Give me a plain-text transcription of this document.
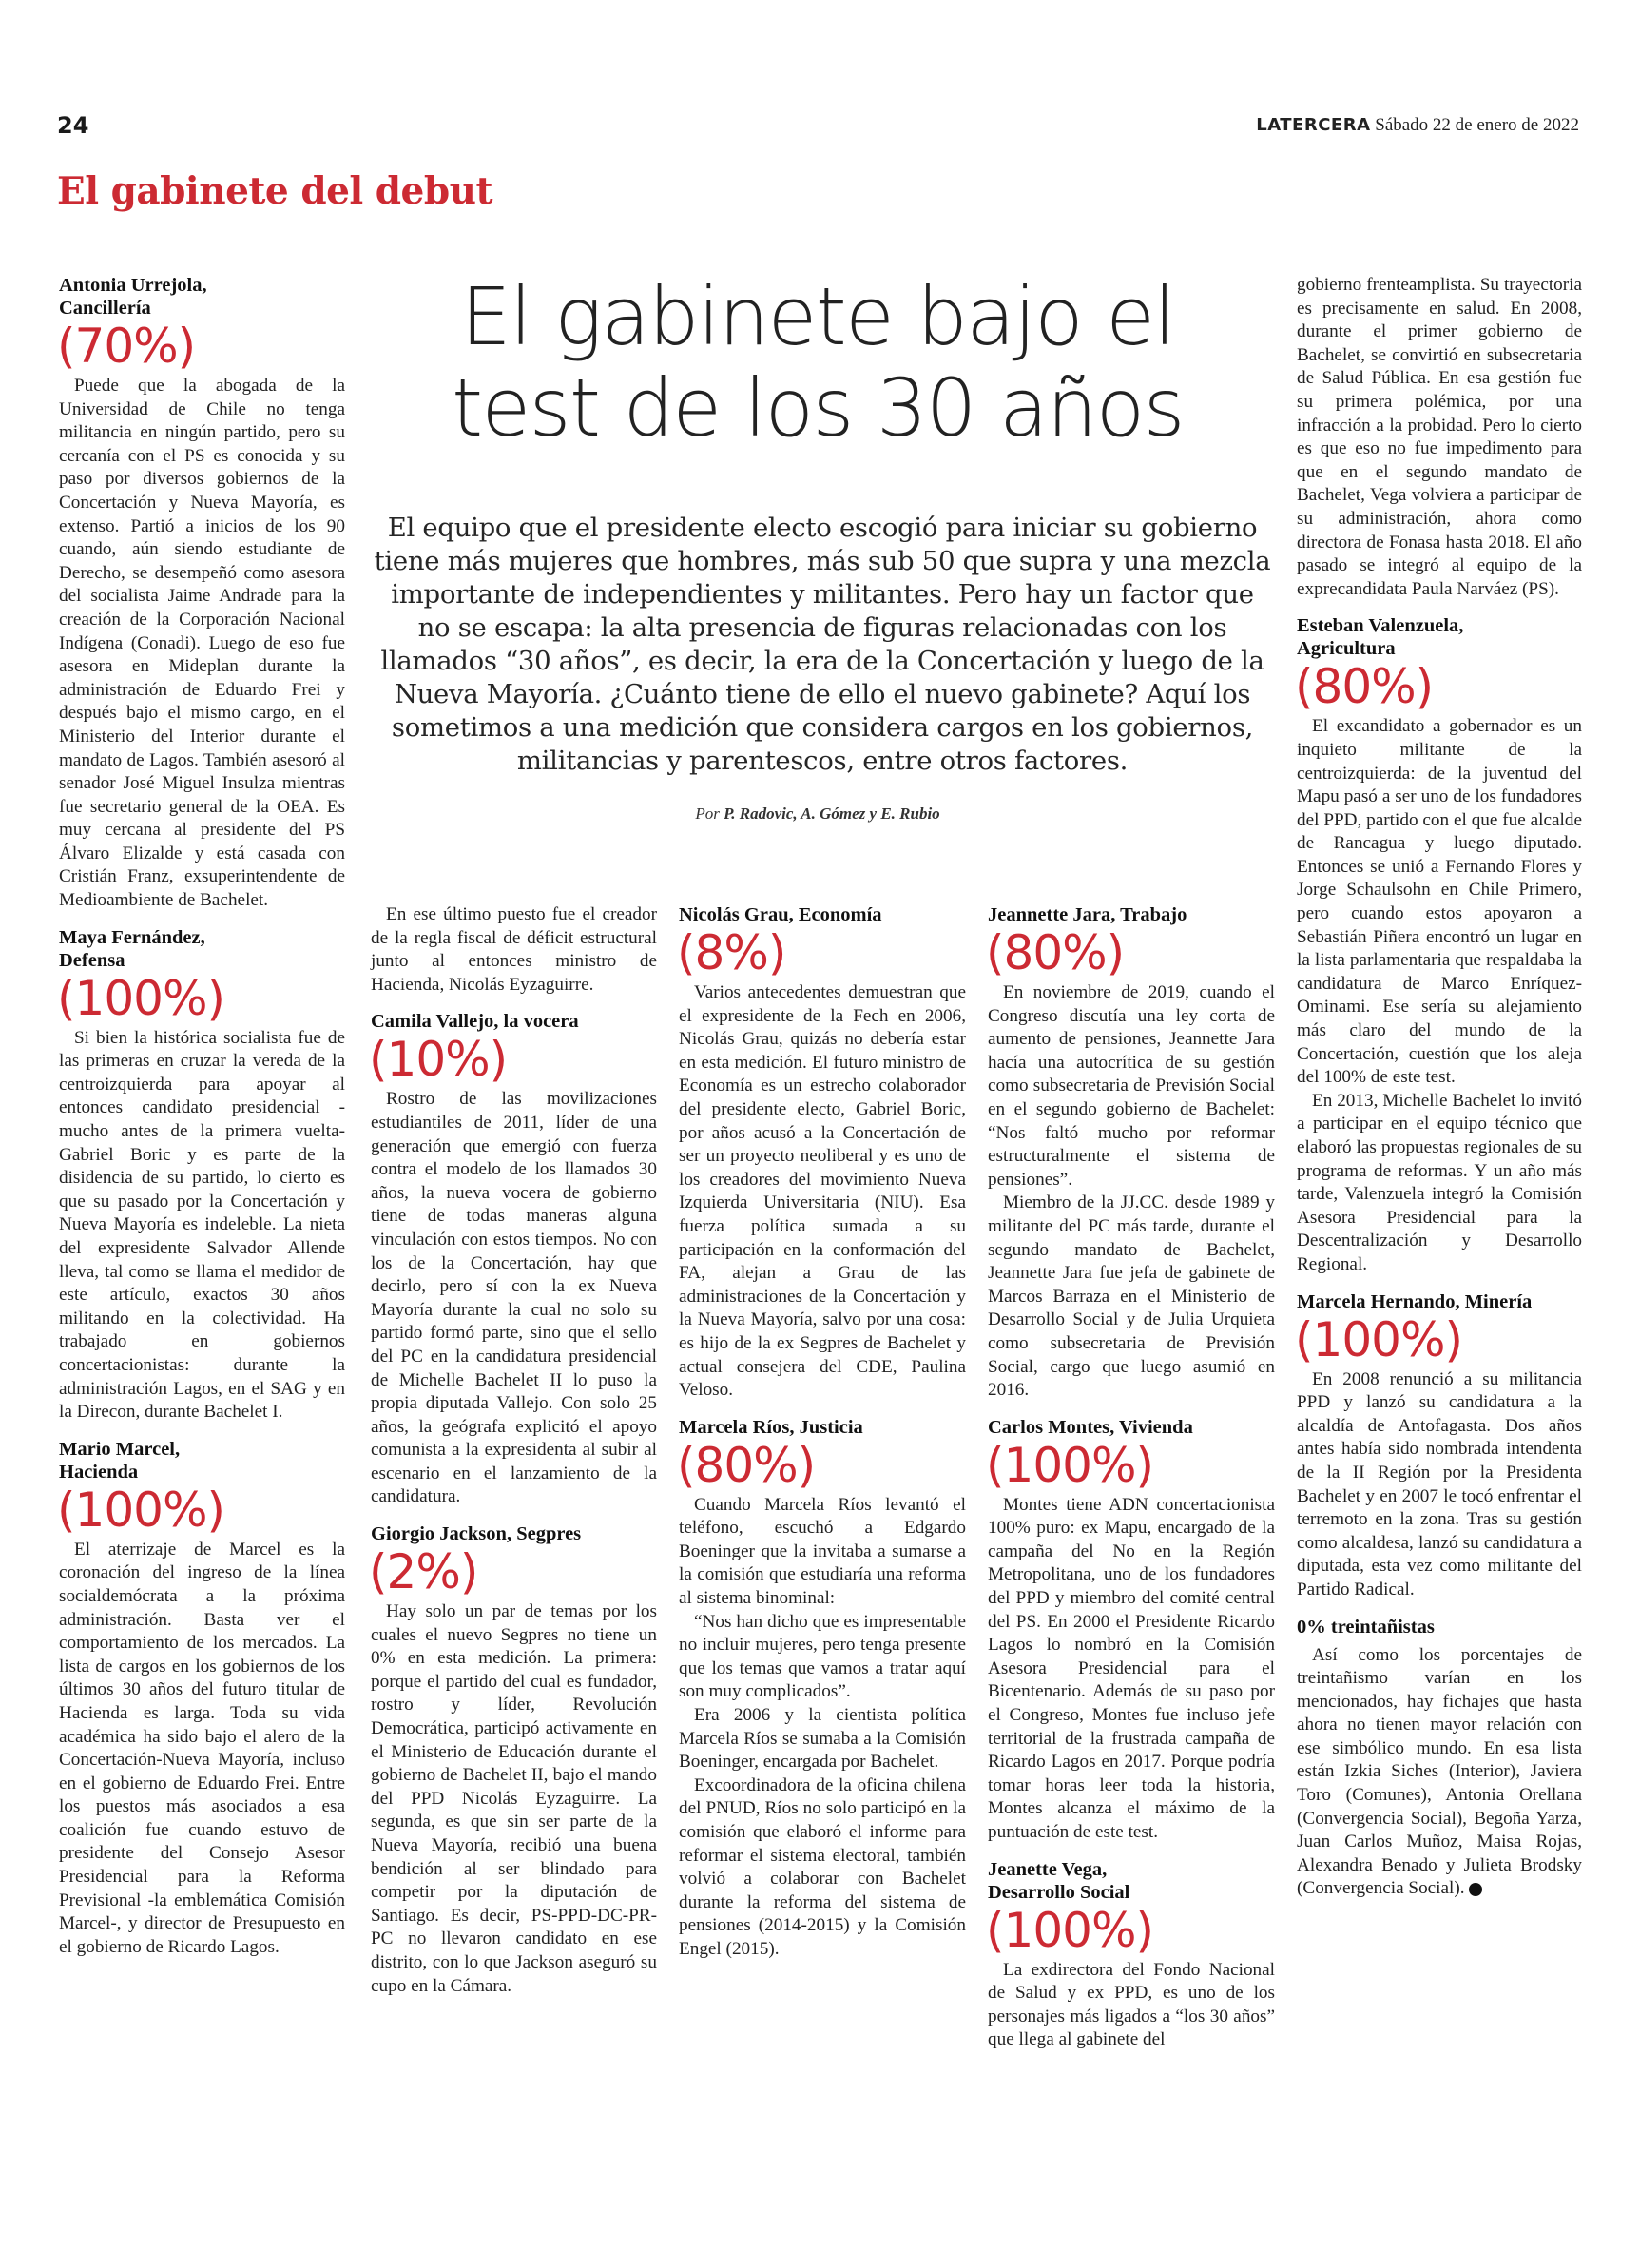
24	LATERCERA Sábado 22 de enero de 2022
El gabinete del debut
El gabinete bajo el
test de los 30 años
El equipo que el presidente electo escogió para iniciar su gobierno tiene más mujeres que hombres, más sub 50 que supra y una mezcla importante de independientes y militantes. Pero hay un factor que no se escapa: la alta presencia de figuras relacionadas con los llamados “30 años”, es decir, la era de la Concertación y luego de la Nueva Mayoría. ¿Cuánto tiene de ello el nuevo gabinete? Aquí los sometimos a una medición que considera cargos en los gobiernos, militancias y parentescos, entre otros factores.
Por P. Radovic, A. Gómez y E. Rubio
Antonia Urrejola,
Cancillería
(70%)

Puede que la abogada de la Universidad de Chile no tenga militancia en ningún partido, pero su cercanía con el PS es conocida y su paso por diversos gobiernos de la Concertación y Nueva Mayoría, es extenso. Partió a inicios de los 90 cuando, aún siendo estudiante de Derecho, se desempeñó como asesora del socialista Jaime Andrade para la creación de la Corporación Nacional Indígena (Conadi). Luego de eso fue asesora en Mideplan durante la administración de Eduardo Frei y después bajo el mismo cargo, en el Ministerio del Interior durante el mandato de Lagos. También asesoró al senador José Miguel Insulza mientras fue secretario general de la OEA. Es muy cercana al presidente del PS Álvaro Elizalde y está casada con Cristián Franz, exsuperintendente de Medioambiente de Bachelet.

Maya Fernández,
Defensa
(100%)

Si bien la histórica socialista fue de las primeras en cruzar la vereda de la centroizquierda para apoyar al entonces candidato presidencial -mucho antes de la primera vuelta- Gabriel Boric y es parte de la disidencia de su partido, lo cierto es que su pasado por la Concertación y Nueva Mayoría es indeleble. La nieta del expresidente Salvador Allende lleva, tal como se llama el medidor de este artículo, exactos 30 años militando en la colectividad. Ha trabajado en gobiernos concertacionistas: durante la administración Lagos, en el SAG y en la Direcon, durante Bachelet I.

Mario Marcel,
Hacienda
(100%)

El aterrizaje de Marcel es la coronación del ingreso de la línea socialdemócrata a la próxima administración. Basta ver el comportamiento de los mercados. La lista de cargos en los gobiernos de los últimos 30 años del futuro titular de Hacienda es larga. Toda su vida académica ha sido bajo el alero de la Concertación-Nueva Mayoría, incluso en el gobierno de Eduardo Frei. Entre los puestos más asociados a esa coalición fue cuando estuvo de presidente del Consejo Asesor Presidencial para la Reforma Previsional -la emblemática Comisión Marcel-, y director de Presupuesto en el gobierno de Ricardo Lagos.

En ese último puesto fue el creador de la regla fiscal de déficit estructural junto al entonces ministro de Hacienda, Nicolás Eyzaguirre.

Camila Vallejo, la vocera
(10%)

Rostro de las movilizaciones estudiantiles de 2011, líder de una generación que emergió con fuerza contra el modelo de los llamados 30 años, la nueva vocera de gobierno tiene de todas maneras alguna vinculación con estos tiempos. No con los de la Concertación, hay que decirlo, pero sí con la ex Nueva Mayoría durante la cual no solo su partido formó parte, sino que el sello del PC en la candidatura presidencial de Michelle Bachelet II lo puso la propia diputada Vallejo. Con solo 25 años, la geógrafa explicitó el apoyo comunista a la expresidenta al subir al escenario en el lanzamiento de la candidatura.

Giorgio Jackson, Segpres
(2%)

Hay solo un par de temas por los cuales el nuevo Segpres no tiene un 0% en esta medición. La primera: porque el partido del cual es fundador, rostro y líder, Revolución Democrática, participó activamente en el Ministerio de Educación durante el gobierno de Bachelet II, bajo el mando del PPD Nicolás Eyzaguirre. La segunda, es que sin ser parte de la Nueva Mayoría, recibió una buena bendición al ser blindado para competir por la diputación de Santiago. Es decir, PS-PPD-DC-PR-PC no llevaron candidato en ese distrito, con lo que Jackson aseguró su cupo en la Cámara.

Nicolás Grau, Economía
(8%)

Varios antecedentes demuestran que el expresidente de la Fech en 2006, Nicolás Grau, quizás no debería estar en esta medición. El futuro ministro de Economía es un estrecho colaborador del presidente electo, Gabriel Boric, por años acusó a la Concertación de ser un proyecto neoliberal y es uno de los creadores del movimiento Nueva Izquierda Universitaria (NIU). Esa fuerza política sumada a su participación en la conformación del FA, alejan a Grau de las administraciones de la Concertación y la Nueva Mayoría, salvo por una cosa: es hijo de la ex Segpres de Bachelet y actual consejera del CDE, Paulina Veloso.

Marcela Ríos, Justicia
(80%)

Cuando Marcela Ríos levantó el teléfono, escuchó a Edgardo Boeninger que la invitaba a sumarse a la comisión que estudiaría una reforma al sistema binominal:

“Nos han dicho que es impresentable no incluir mujeres, pero tenga presente que los temas que vamos a tratar aquí son muy complicados”.

Era 2006 y la cientista política Marcela Ríos se sumaba a la Comisión Boeninger, encargada por Bachelet.

Excoordinadora de la oficina chilena del PNUD, Ríos no solo participó en la comisión que elaboró el informe para reformar el sistema electoral, también volvió a colaborar con Bachelet durante la reforma del sistema de pensiones (2014-2015) y la Comisión Engel (2015).

Jeannette Jara, Trabajo
(80%)

En noviembre de 2019, cuando el Congreso discutía una ley corta de aumento de pensiones, Jeannette Jara hacía una autocrítica de su gestión como subsecretaria de Previsión Social en el segundo gobierno de Bachelet: “Nos faltó mucho por reformar estructuralmente el sistema de pensiones”.

Miembro de la JJ.CC. desde 1989 y militante del PC más tarde, durante el segundo mandato de Bachelet, Jeannette Jara fue jefa de gabinete de Marcos Barraza en el Ministerio de Desarrollo Social y de Julia Urquieta como subsecretaria de Previsión Social, cargo que luego asumió en 2016.

Carlos Montes, Vivienda
(100%)

Montes tiene ADN concertacionista 100% puro: ex Mapu, encargado de la campaña del No en la Región Metropolitana, uno de los fundadores del PPD y miembro del comité central del PS. En 2000 el Presidente Ricardo Lagos lo nombró en la Comisión Asesora Presidencial para el Bicentenario. Además de su paso por el Congreso, Montes fue incluso jefe territorial de la frustrada campaña de Ricardo Lagos en 2017. Porque podría tomar horas leer toda la historia, Montes alcanza el máximo de la puntuación de este test.

Jeanette Vega,
Desarrollo Social
(100%)

La exdirectora del Fondo Nacional de Salud y ex PPD, es uno de los personajes más ligados a “los 30 años” que llega al gabinete del

gobierno frenteamplista. Su trayectoria es precisamente en salud. En 2008, durante el primer gobierno de Bachelet, se convirtió en subsecretaria de Salud Pública. En esa gestión fue su primera polémica, por una infracción a la probidad. Pero lo cierto es que eso no fue impedimento para que en el segundo mandato de Bachelet, Vega volviera a participar de su administración, ahora como directora de Fonasa hasta 2018. El año pasado se integró al equipo de la exprecandidata Paula Narváez (PS).

Esteban Valenzuela,
Agricultura
(80%)

El excandidato a gobernador es un inquieto militante de la centroizquierda: de la juventud del Mapu pasó a ser uno de los fundadores del PPD, partido con el que fue alcalde de Rancagua y luego diputado. Entonces se unió a Fernando Flores y Jorge Schaulsohn en Chile Primero, pero cuando estos apoyaron a Sebastián Piñera encontró un lugar en la lista parlamentaria que respaldaba la candidatura de Marco Enríquez-Ominami. Ese sería su alejamiento más claro del mundo de la Concertación, cuestión que los aleja del 100% de este test.

En 2013, Michelle Bachelet lo invitó a participar en el equipo técnico que elaboró las propuestas regionales de su programa de reformas. Y un año más tarde, Valenzuela integró la Comisión Asesora Presidencial para la Descentralización y Desarrollo Regional.

Marcela Hernando, Minería
(100%)

En 2008 renunció a su militancia PPD y lanzó su candidatura a la alcaldía de Antofagasta. Dos años antes había sido nombrada intendenta de la II Región por la Presidenta Bachelet y en 2007 le tocó enfrentar el terremoto en la zona. Tras su gestión como alcaldesa, lanzó su candidatura a diputada, esta vez como militante del Partido Radical.

0% treintañistas

Así como los porcentajes de treintañismo varían en los mencionados, hay fichajes que hasta ahora no tienen mayor relación con ese simbólico mundo. En esa lista están Izkia Siches (Interior), Javiera Toro (Comunes), Antonia Orellana (Convergencia Social), Begoña Yarza, Juan Carlos Muñoz, Maisa Rojas, Alexandra Benado y Julieta Brodsky (Convergencia Social).
